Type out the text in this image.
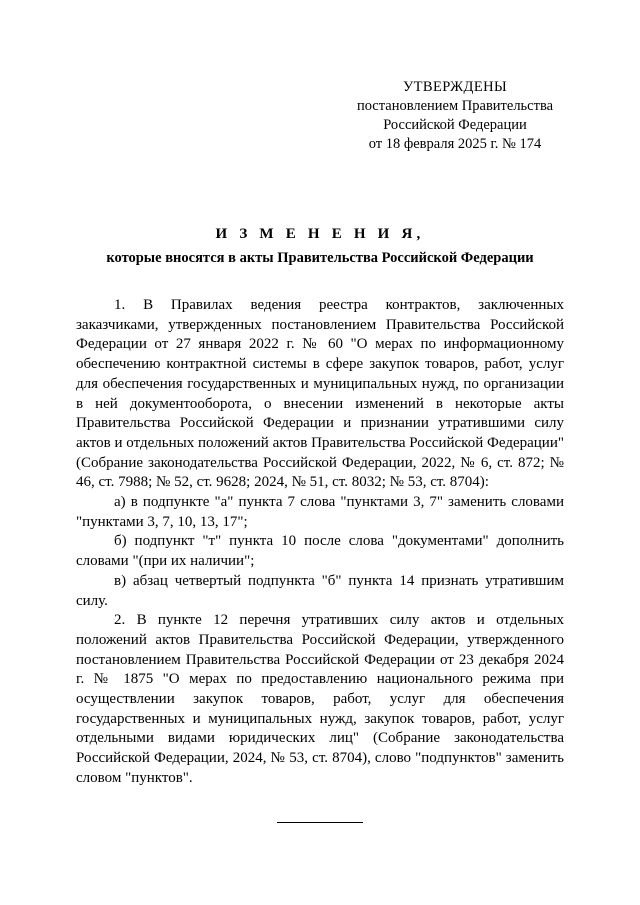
УТВЕРЖДЕНЫ
постановлением Правительства
Российской Федерации
от 18 февраля 2025 г. № 174
И З М Е Н Е Н И Я,
которые вносятся в акты Правительства Российской Федерации

1. В Правилах ведения реестра контрактов, заключенных заказчиками, утвержденных постановлением Правительства Российской Федерации от 27 января 2022 г. № 60 "О мерах по информационному обеспечению контрактной системы в сфере закупок товаров, работ, услуг для обеспечения государственных и муниципальных нужд, по организации в ней документооборота, о внесении изменений в некоторые акты Правительства Российской Федерации и признании утратившими силу актов и отдельных положений актов Правительства Российской Федерации" (Собрание законодательства Российской Федерации, 2022, № 6, ст. 872; № 46, ст. 7988; № 52, ст. 9628; 2024, № 51, ст. 8032; № 53, ст. 8704):

а) в подпункте "а" пункта 7 слова "пунктами 3, 7" заменить словами "пунктами 3, 7, 10, 13, 17";

б) подпункт "т" пункта 10 после слова "документами" дополнить словами "(при их наличии";

в) абзац четвертый подпункта "б" пункта 14 признать утратившим силу.

2. В пункте 12 перечня утративших силу актов и отдельных положений актов Правительства Российской Федерации, утвержденного постановлением Правительства Российской Федерации от 23 декабря 2024 г. № 1875 "О мерах по предоставлению национального режима при осуществлении закупок товаров, работ, услуг для обеспечения государственных и муниципальных нужд, закупок товаров, работ, услуг отдельными видами юридических лиц" (Собрание законодательства Российской Федерации, 2024, № 53, ст. 8704), слово "подпунктов" заменить словом "пунктов".
